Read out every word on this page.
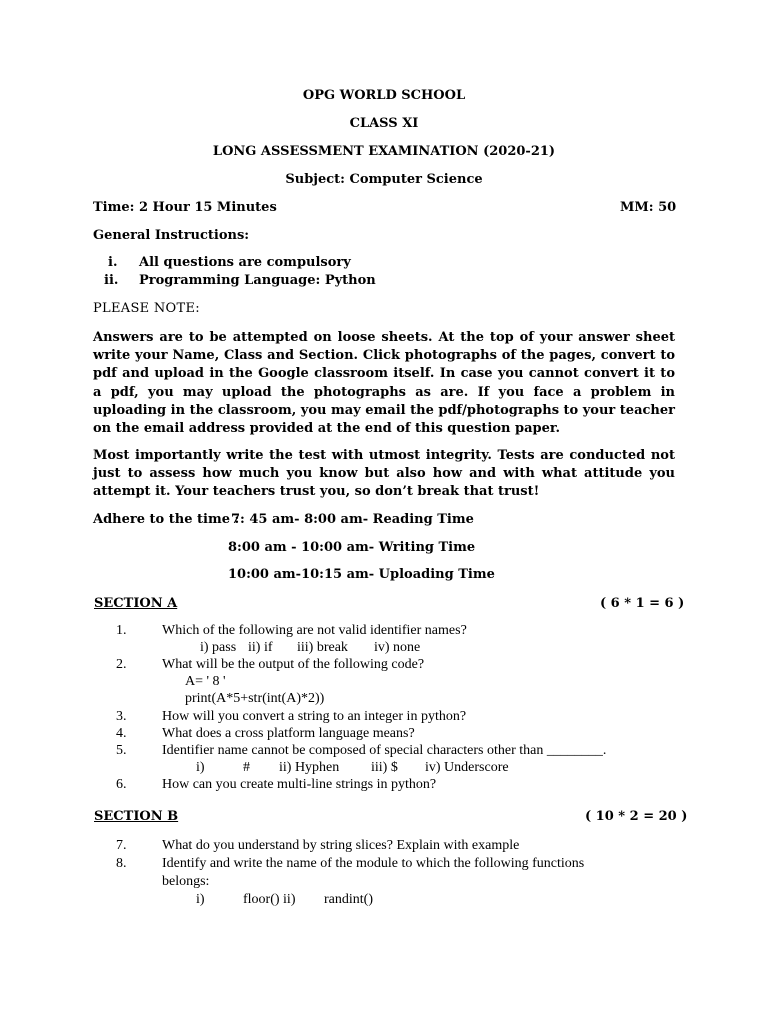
OPG WORLD SCHOOL
CLASS XI
LONG ASSESSMENT EXAMINATION (2020-21)
Subject: Computer Science
Time: 2 Hour 15 Minutes	MM: 50
General Instructions:
i. All questions are compulsory
ii. Programming Language: Python
PLEASE NOTE:
Answers are to be attempted on loose sheets. At the top of your answer sheet write your Name, Class and Section. Click photographs of the pages, convert to pdf and upload in the Google classroom itself. In case you cannot convert it to a pdf, you may upload the photographs as are. If you face a problem in uploading in the classroom, you may email the pdf/photographs to your teacher on the email address provided at the end of this question paper.
Most importantly write the test with utmost integrity. Tests are conducted not just to assess how much you know but also how and with what attitude you attempt it. Your teachers trust you, so don’t break that trust!
Adhere to the time :
7: 45 am- 8:00 am- Reading Time
8:00 am - 10:00 am- Writing Time
10:00 am-10:15 am- Uploading Time
SECTION A	( 6 * 1 = 6 )
1.	Which of the following are not valid identifier names?
i) pass ii) if iii) break iv) none
2.	What will be the output of the following code?
A= ' 8 '
print(A*5+str(int(A)*2))
3.	How will you convert a string to an integer in python?
4.	What does a cross platform language means?
5.	Identifier name cannot be composed of special characters other than ________.
i)	# ii) Hyphen iii) $ iv) Underscore
6.	How can you create multi-line strings in python?
SECTION B	( 10 * 2 = 20 )
7.	What do you understand by string slices? Explain with example
8.	Identify and write the name of the module to which the following functions
belongs:
i)	floor() ii) randint()
